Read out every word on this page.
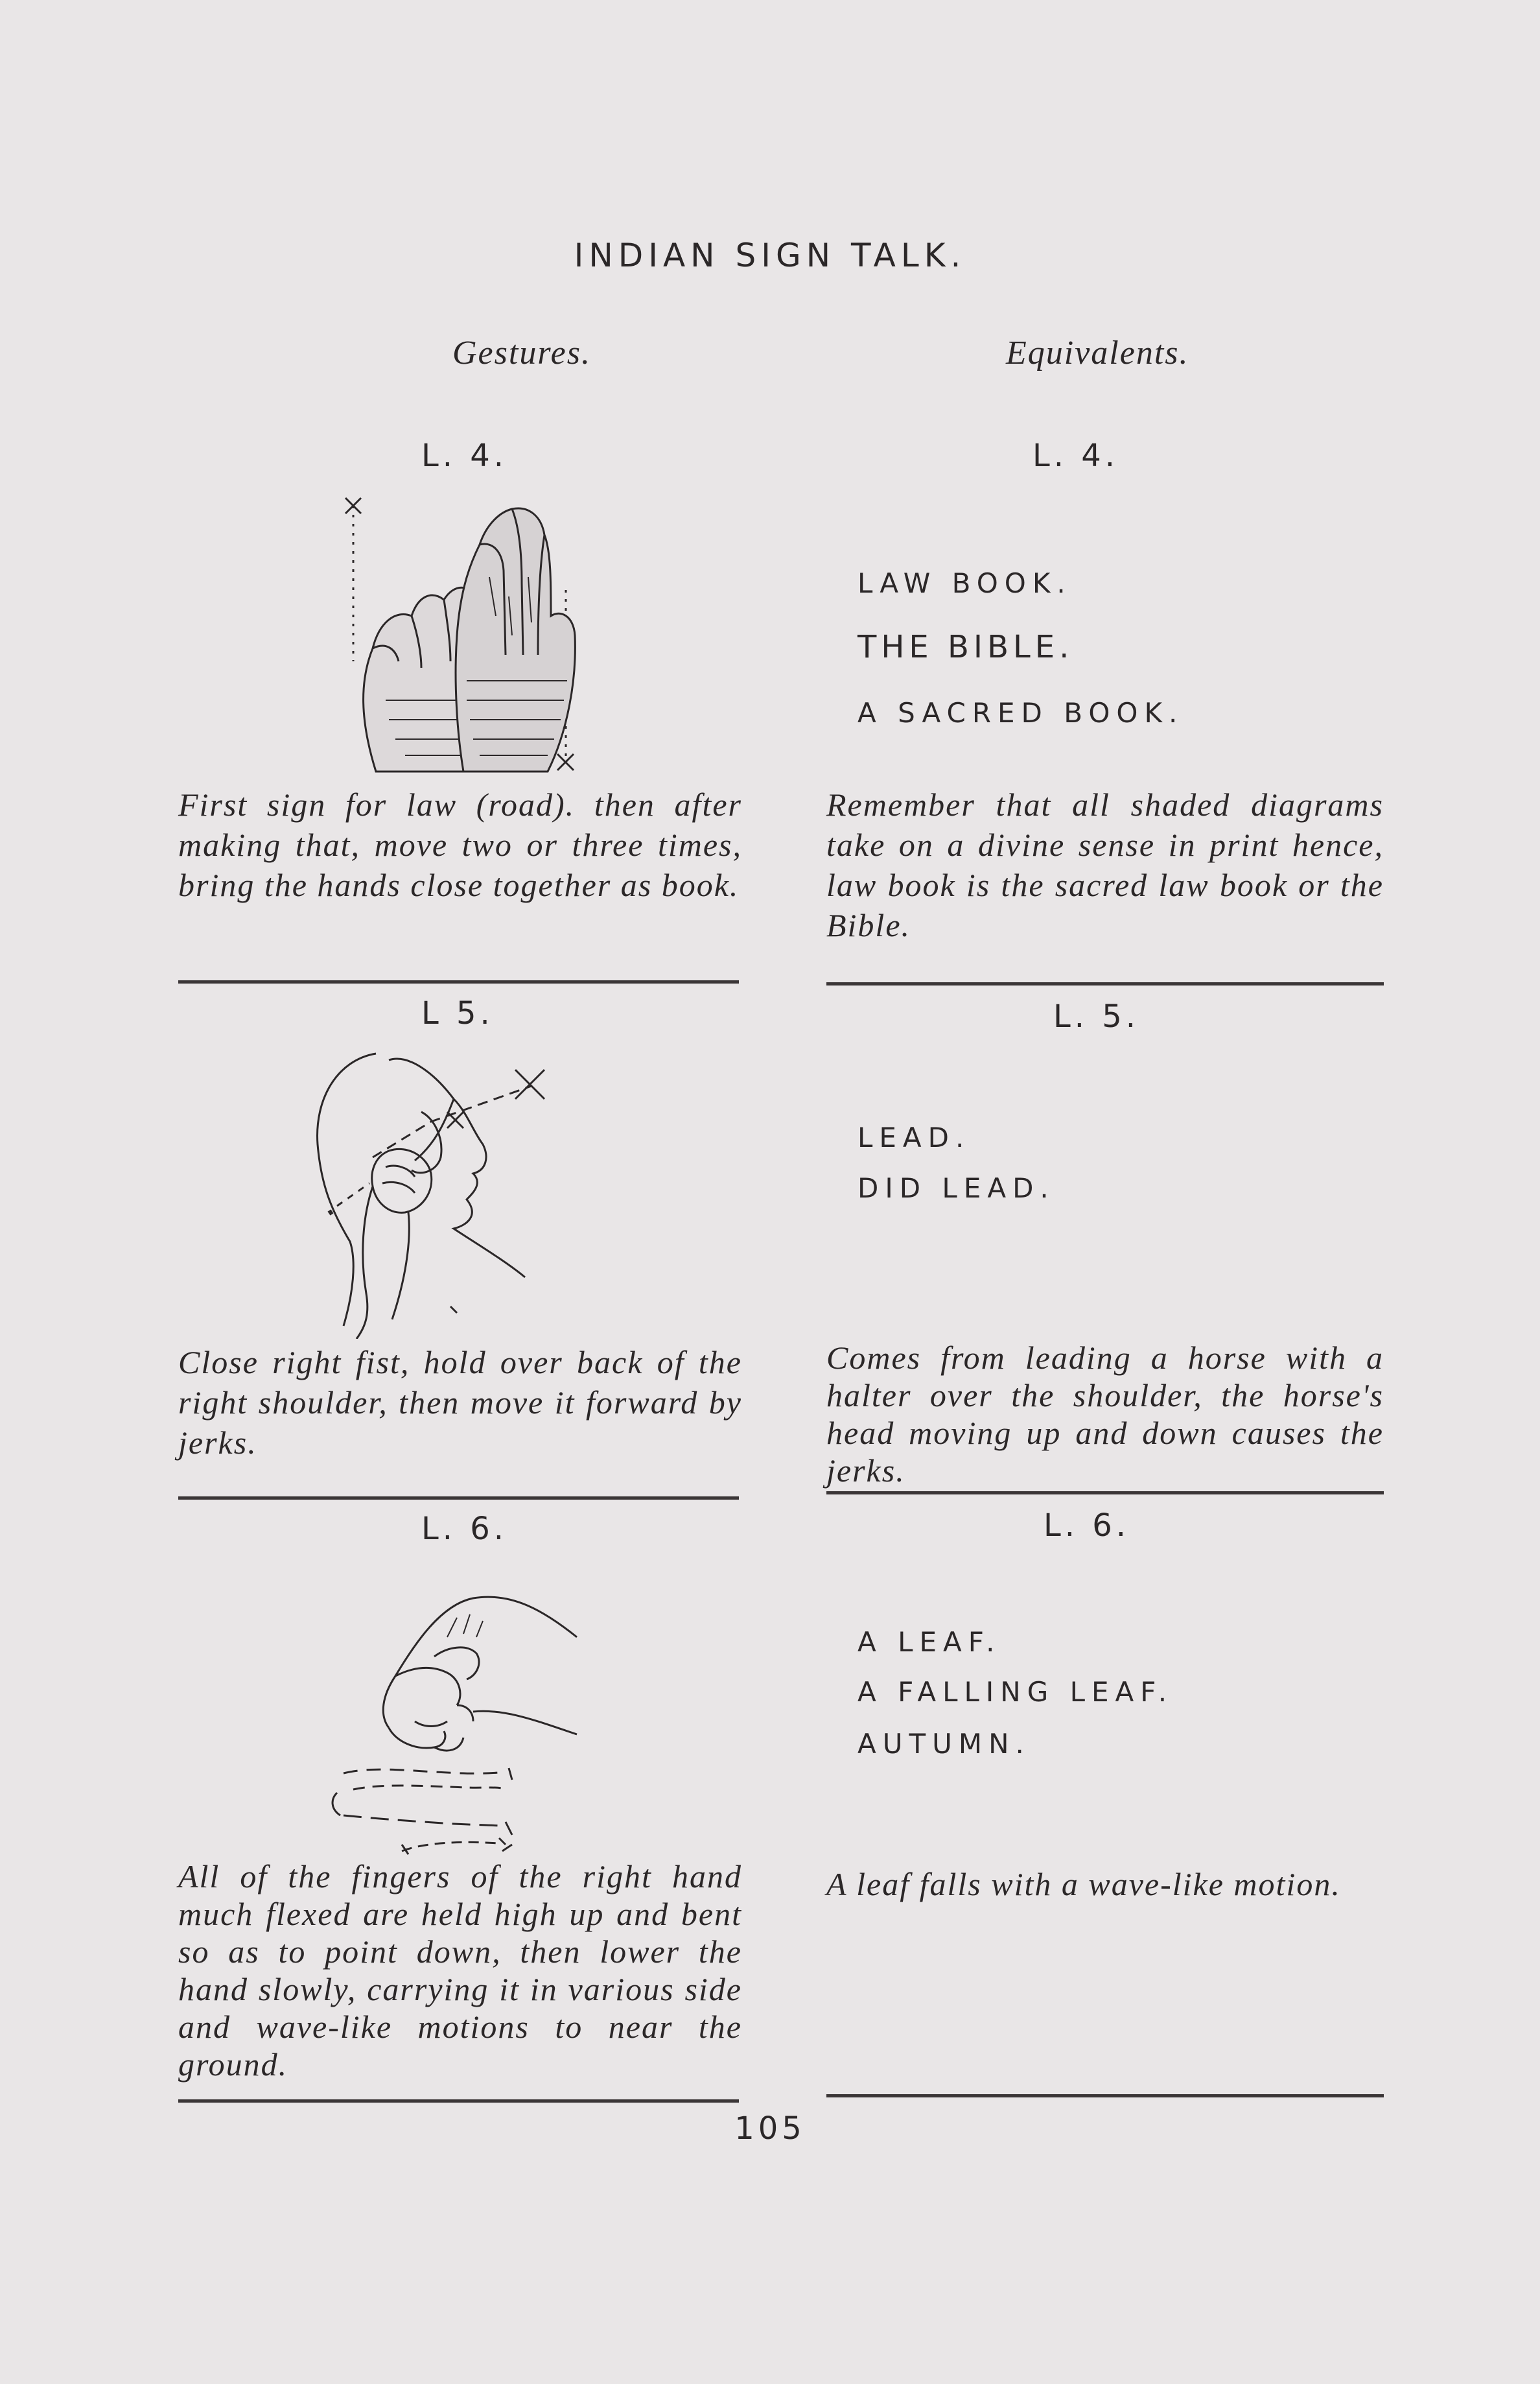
INDIAN SIGN TALK.
Gestures.	Equivalents.
L. 4.	L. 4.
LAW BOOK.
THE BIBLE.
A SACRED BOOK.
First sign for law (road). then after making that, move two or three times, bring the hands close together as book.
Remember that all shaded diagrams take on a divine sense in print hence, law book is the sacred law book or the Bible.
L 5.	L. 5.
LEAD.
DID LEAD.
Close right fist, hold over back of the right shoulder, then move it forward by jerks.
Comes from leading a horse with a halter over the shoulder, the horse's head moving up and down causes the jerks.
L. 6.	L. 6.
A LEAF.
A FALLING LEAF.
AUTUMN.
All of the fingers of the right hand much flexed are held high up and bent so as to point down, then lower the hand slowly, carrying it in various side and wave-like motions to near the ground.
A leaf falls with a wave-like motion.
105
